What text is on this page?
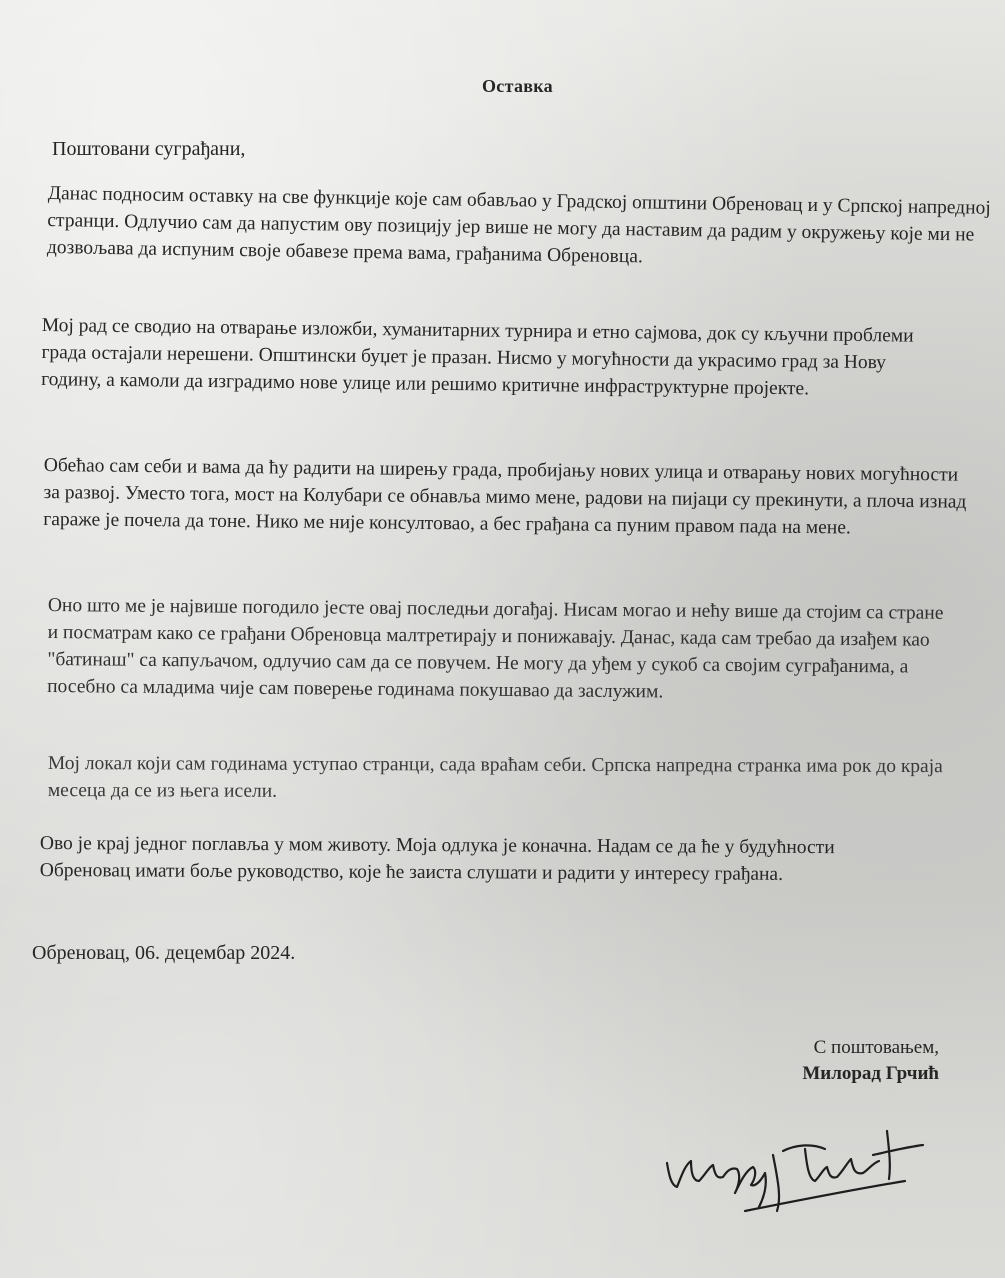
Оставка
Поштовани суграђани,

Данас подносим оставку на све функције које сам обављао у Градској општини Обреновац и у Српској напредној странци. Одлучио сам да напустим ову позицију јер више не могу да наставим да радим у окружењу које ми не дозвољава да испуним своје обавезе према вама, грађанима Обреновца.

Мој рад се сводио на отварање изложби, хуманитарних турнира и етно сајмова, док су кључни проблеми града остајали нерешени. Општински буџет је празан. Нисмо у могућности да украсимо град за Нову годину, а камоли да изградимо нове улице или решимо критичне инфраструктурне пројекте.

Обећао сам себи и вама да ћу радити на ширењу града, пробијању нових улица и отварању нових могућности за развој. Уместо тога, мост на Колубари се обнавља мимо мене, радови на пијаци су прекинути, а плоча изнад гараже је почела да тоне. Нико ме није консултовао, а бес грађана са пуним правом пада на мене.

Оно што ме је највише погодило јесте овај последњи догађај. Нисам могао и нећу више да стојим са стране и посматрам како се грађани Обреновца малтретирају и понижавају. Данас, када сам требао да изађем као "батинаш" са капуљачом, одлучио сам да се повучем. Не могу да уђем у сукоб са својим суграђанима, а посебно са младима чије сам поверење годинама покушавао да заслужим.

Мој локал који сам годинама уступао странци, сада враћам себи. Српска напредна странка има рок до краја месеца да се из њега исели.

Ово је крај једног поглавља у мом животу. Моја одлука је коначна. Надам се да ће у будућности Обреновац имати боље руководство, које ће заиста слушати и радити у интересу грађана.

Обреновац, 06. децембар 2024.
С поштовањем,
Милорад Грчић
